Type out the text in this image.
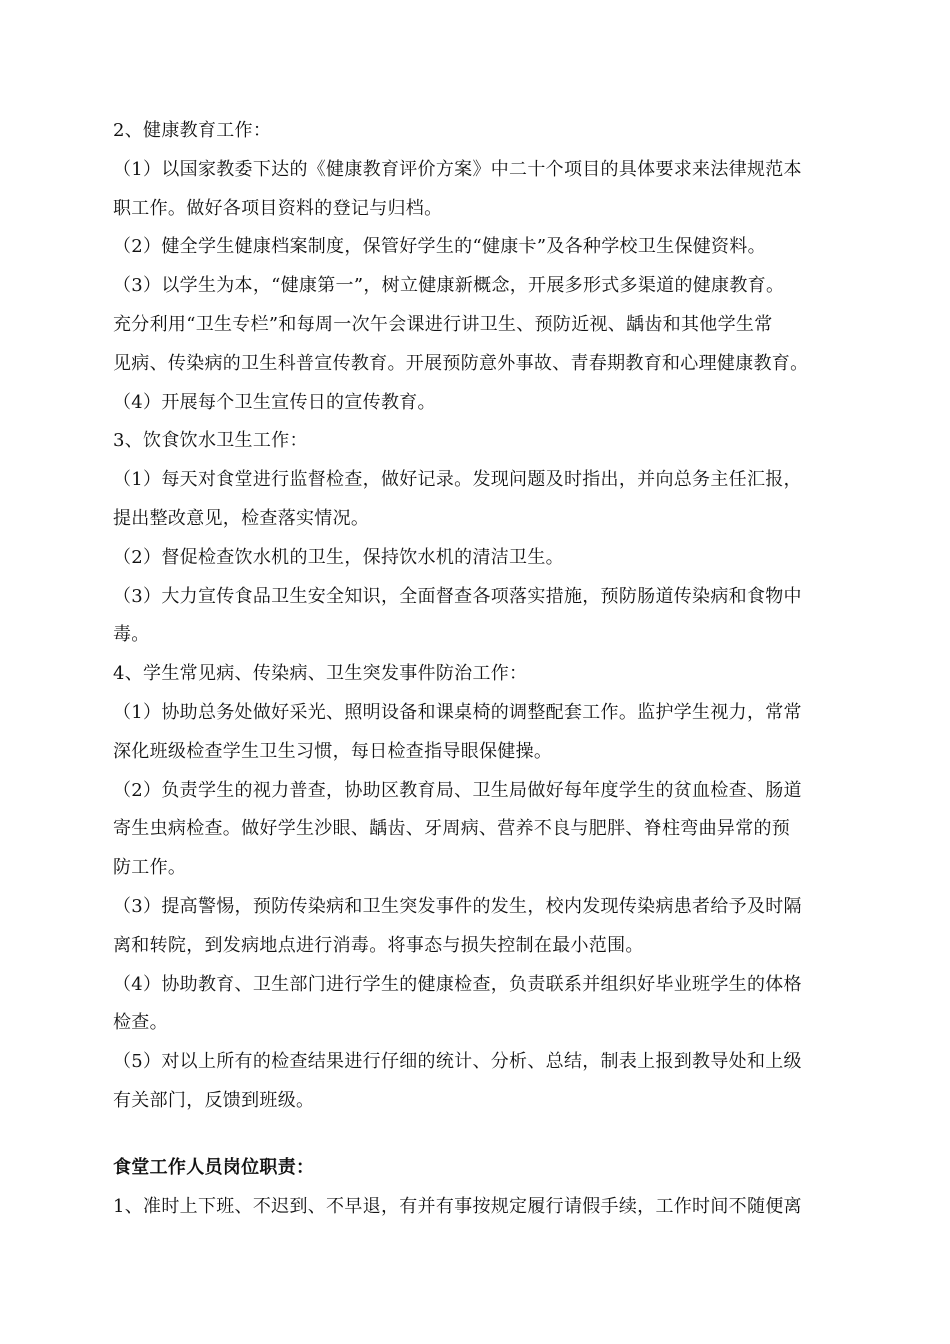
2、健康教育工作：
（1）以国家教委下达的《健康教育评价方案》中二十个项目的具体要求来法律规范本
职工作。做好各项目资料的登记与归档。
（2）健全学生健康档案制度，保管好学生的“健康卡”及各种学校卫生保健资料。
（3）以学生为本，“健康第一”，树立健康新概念，开展多形式多渠道的健康教育。
充分利用“卫生专栏”和每周一次午会课进行讲卫生、预防近视、龋齿和其他学生常
见病、传染病的卫生科普宣传教育。开展预防意外事故、青春期教育和心理健康教育。
（4）开展每个卫生宣传日的宣传教育。
3、饮食饮水卫生工作：
（1）每天对食堂进行监督检查，做好记录。发现问题及时指出，并向总务主任汇报，
提出整改意见，检查落实情况。
（2）督促检查饮水机的卫生，保持饮水机的清洁卫生。
（3）大力宣传食品卫生安全知识，全面督查各项落实措施，预防肠道传染病和食物中
毒。
4、学生常见病、传染病、卫生突发事件防治工作：
（1）协助总务处做好采光、照明设备和课桌椅的调整配套工作。监护学生视力，常常
深化班级检查学生卫生习惯，每日检查指导眼保健操。
（2）负责学生的视力普查，协助区教育局、卫生局做好每年度学生的贫血检查、肠道
寄生虫病检查。做好学生沙眼、龋齿、牙周病、营养不良与肥胖、脊柱弯曲异常的预
防工作。
（3）提高警惕，预防传染病和卫生突发事件的发生，校内发现传染病患者给予及时隔
离和转院，到发病地点进行消毒。将事态与损失控制在最小范围。
（4）协助教育、卫生部门进行学生的健康检查，负责联系并组织好毕业班学生的体格
检查。
（5）对以上所有的检查结果进行仔细的统计、分析、总结，制表上报到教导处和上级
有关部门，反馈到班级。
食堂工作人员岗位职责：
1、准时上下班、不迟到、不早退，有并有事按规定履行请假手续，工作时间不随便离
